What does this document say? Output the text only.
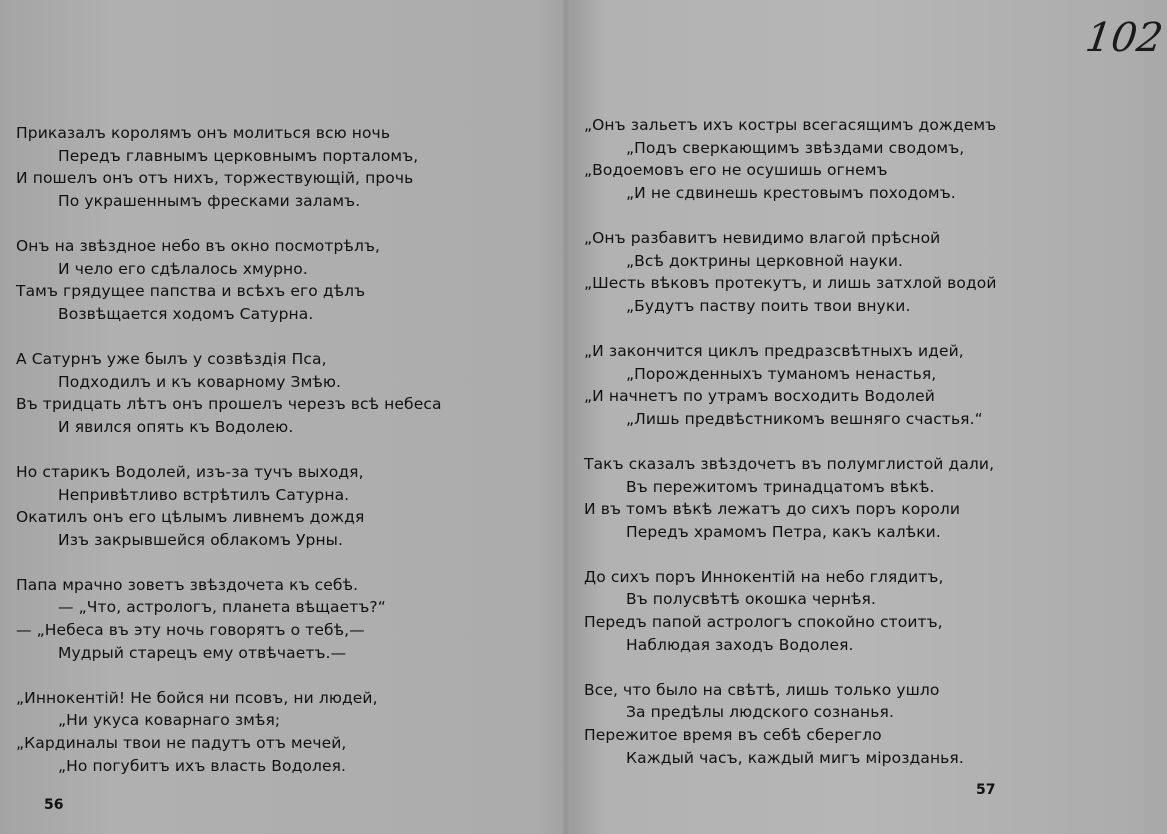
102
Приказалъ королямъ онъ молиться всю ночь
Передъ главнымъ церковнымъ порталомъ,
И пошелъ онъ отъ нихъ, торжествующій, прочь
По украшеннымъ фресками заламъ.
Онъ на звѣздное небо въ окно посмотрѣлъ,
И чело его сдѣлалось хмурно.
Тамъ грядущее папства и всѣхъ его дѣлъ
Возвѣщается ходомъ Сатурна.
А Сатурнъ уже былъ у созвѣздія Пса,
Подходилъ и къ коварному Змѣю.
Въ тридцать лѣтъ онъ прошелъ черезъ всѣ небеса
И явился опять къ Водолею.
Но старикъ Водолей, изъ-за тучъ выходя,
Непривѣтливо встрѣтилъ Сатурна.
Окатилъ онъ его цѣлымъ ливнемъ дождя
Изъ закрывшейся облакомъ Урны.
Папа мрачно зоветъ звѣздочета къ себѣ.
— „Что, астрологъ, планета вѣщаетъ?“
— „Небеса въ эту ночь говорятъ о тебѣ,—
Мудрый старецъ ему отвѣчаетъ.—
„Иннокентій! Не бойся ни псовъ, ни людей,
„Ни укуса коварнаго змѣя;
„Кардиналы твои не падутъ отъ мечей,
„Но погубитъ ихъ власть Водолея.
„Онъ зальетъ ихъ костры всегасящимъ дождемъ
„Подъ сверкающимъ звѣздами сводомъ,
„Водоемовъ его не осушишь огнемъ
„И не сдвинешь крестовымъ походомъ.
„Онъ разбавитъ невидимо влагой прѣсной
„Всѣ доктрины церковной науки.
„Шесть вѣковъ протекутъ, и лишь затхлой водой
„Будутъ паству поить твои внуки.
„И закончится циклъ предразсвѣтныхъ идей,
„Порожденныхъ туманомъ ненастья,
„И начнетъ по утрамъ восходить Водолей
„Лишь предвѣстникомъ вешняго счастья.“
Такъ сказалъ звѣздочетъ въ полумглистой дали,
Въ пережитомъ тринадцатомъ вѣкѣ.
И въ томъ вѣкѣ лежатъ до сихъ поръ короли
Передъ храмомъ Петра, какъ калѣки.
До сихъ поръ Иннокентій на небо глядитъ,
Въ полусвѣтѣ окошка чернѣя.
Передъ папой астрологъ спокойно стоитъ,
Наблюдая заходъ Водолея.
Все, что было на свѣтѣ, лишь только ушло
За предѣлы людского сознанья.
Пережитое время въ себѣ сберегло
Каждый часъ, каждый мигъ мірозданья.
56
57
